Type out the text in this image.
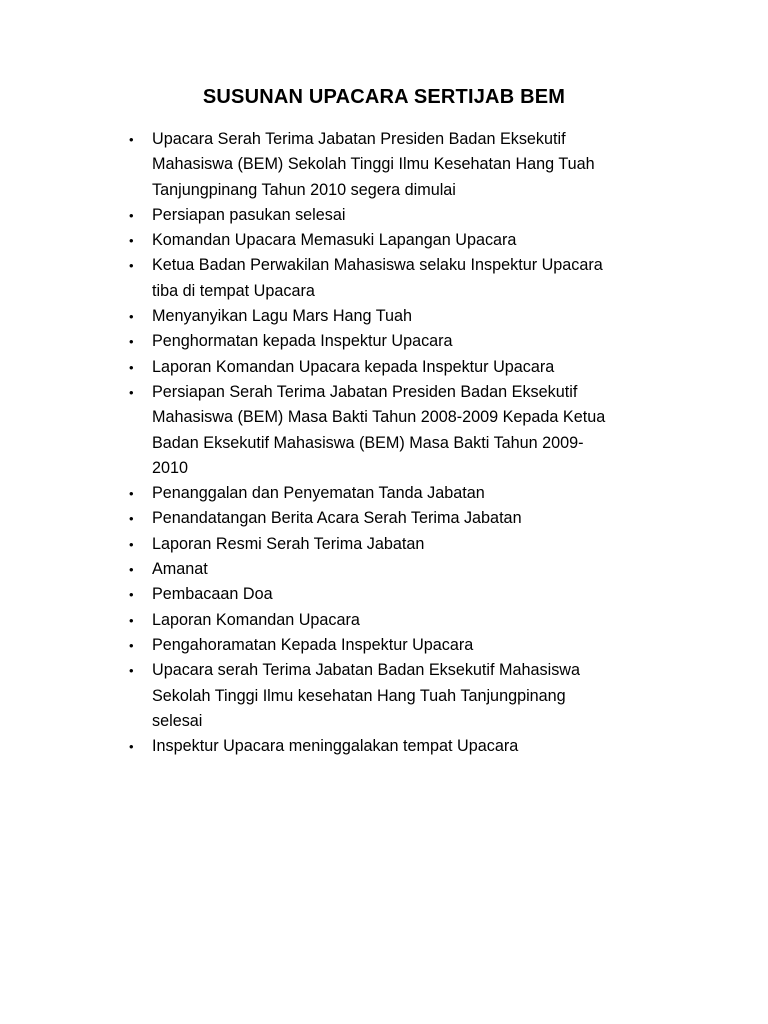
SUSUNAN UPACARA SERTIJAB BEM
• Upacara Serah Terima Jabatan Presiden Badan Eksekutif
Mahasiswa (BEM) Sekolah Tinggi Ilmu Kesehatan Hang Tuah
Tanjungpinang Tahun 2010 segera dimulai
• Persiapan pasukan selesai
• Komandan Upacara Memasuki Lapangan Upacara
• Ketua Badan Perwakilan Mahasiswa selaku Inspektur Upacara
tiba di tempat Upacara
• Menyanyikan Lagu Mars Hang Tuah
• Penghormatan kepada Inspektur Upacara
• Laporan Komandan Upacara kepada Inspektur Upacara
• Persiapan Serah Terima Jabatan Presiden Badan Eksekutif
Mahasiswa (BEM) Masa Bakti Tahun 2008-2009 Kepada Ketua
Badan Eksekutif Mahasiswa (BEM) Masa Bakti Tahun 2009-
2010
• Penanggalan dan Penyematan Tanda Jabatan
• Penandatangan Berita Acara Serah Terima Jabatan
• Laporan Resmi Serah Terima Jabatan
• Amanat
• Pembacaan Doa
• Laporan Komandan Upacara
• Pengahoramatan Kepada Inspektur Upacara
• Upacara serah Terima Jabatan Badan Eksekutif Mahasiswa
Sekolah Tinggi Ilmu kesehatan Hang Tuah Tanjungpinang
selesai
• Inspektur Upacara meninggalakan tempat Upacara
